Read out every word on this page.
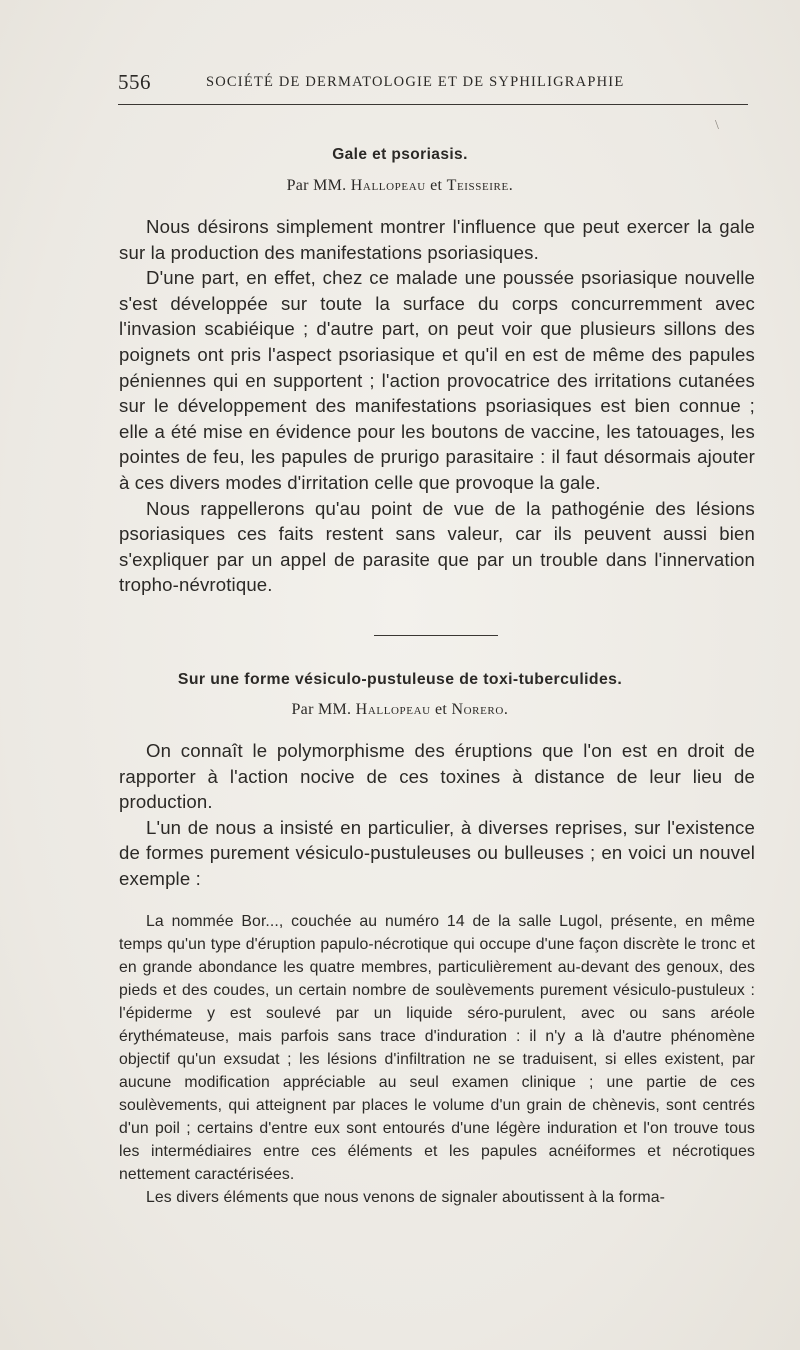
556	SOCIÉTÉ DE DERMATOLOGIE ET DE SYPHILIGRAPHIE
\
Gale et psoriasis.
Par MM. Hallopeau et Teisseire.

Nous désirons simplement montrer l'influence que peut exercer la gale sur la production des manifestations psoriasiques.

D'une part, en effet, chez ce malade une poussée psoriasique nouvelle s'est développée sur toute la surface du corps concurremment avec l'invasion scabiéique ; d'autre part, on peut voir que plusieurs sillons des poignets ont pris l'aspect psoriasique et qu'il en est de même des papules péniennes qui en supportent ; l'action provocatrice des irritations cutanées sur le développement des manifestations psoriasiques est bien connue ; elle a été mise en évidence pour les boutons de vaccine, les tatouages, les pointes de feu, les papules de prurigo parasitaire : il faut désormais ajouter à ces divers modes d'irritation celle que provoque la gale.

Nous rappellerons qu'au point de vue de la pathogénie des lésions psoriasiques ces faits restent sans valeur, car ils peuvent aussi bien s'expliquer par un appel de parasite que par un trouble dans l'innervation tropho-névrotique.

Sur une forme vésiculo-pustuleuse de toxi-tuberculides.
Par MM. Hallopeau et Norero.

On connaît le polymorphisme des éruptions que l'on est en droit de rapporter à l'action nocive de ces toxines à distance de leur lieu de production.

L'un de nous a insisté en particulier, à diverses reprises, sur l'existence de formes purement vésiculo-pustuleuses ou bulleuses ; en voici un nouvel exemple :

La nommée Bor..., couchée au numéro 14 de la salle Lugol, présente, en même temps qu'un type d'éruption papulo-nécrotique qui occupe d'une façon discrète le tronc et en grande abondance les quatre membres, particulièrement au-devant des genoux, des pieds et des coudes, un certain nombre de soulèvements purement vésiculo-pustuleux : l'épiderme y est soulevé par un liquide séro-purulent, avec ou sans aréole érythémateuse, mais parfois sans trace d'induration : il n'y a là d'autre phénomène objectif qu'un exsudat ; les lésions d'infiltration ne se traduisent, si elles existent, par aucune modification appréciable au seul examen clinique ; une partie de ces soulèvements, qui atteignent par places le volume d'un grain de chènevis, sont centrés d'un poil ; certains d'entre eux sont entourés d'une légère induration et l'on trouve tous les intermédiaires entre ces éléments et les papules acnéiformes et nécrotiques nettement caractérisées.

Les divers éléments que nous venons de signaler aboutissent à la forma-
